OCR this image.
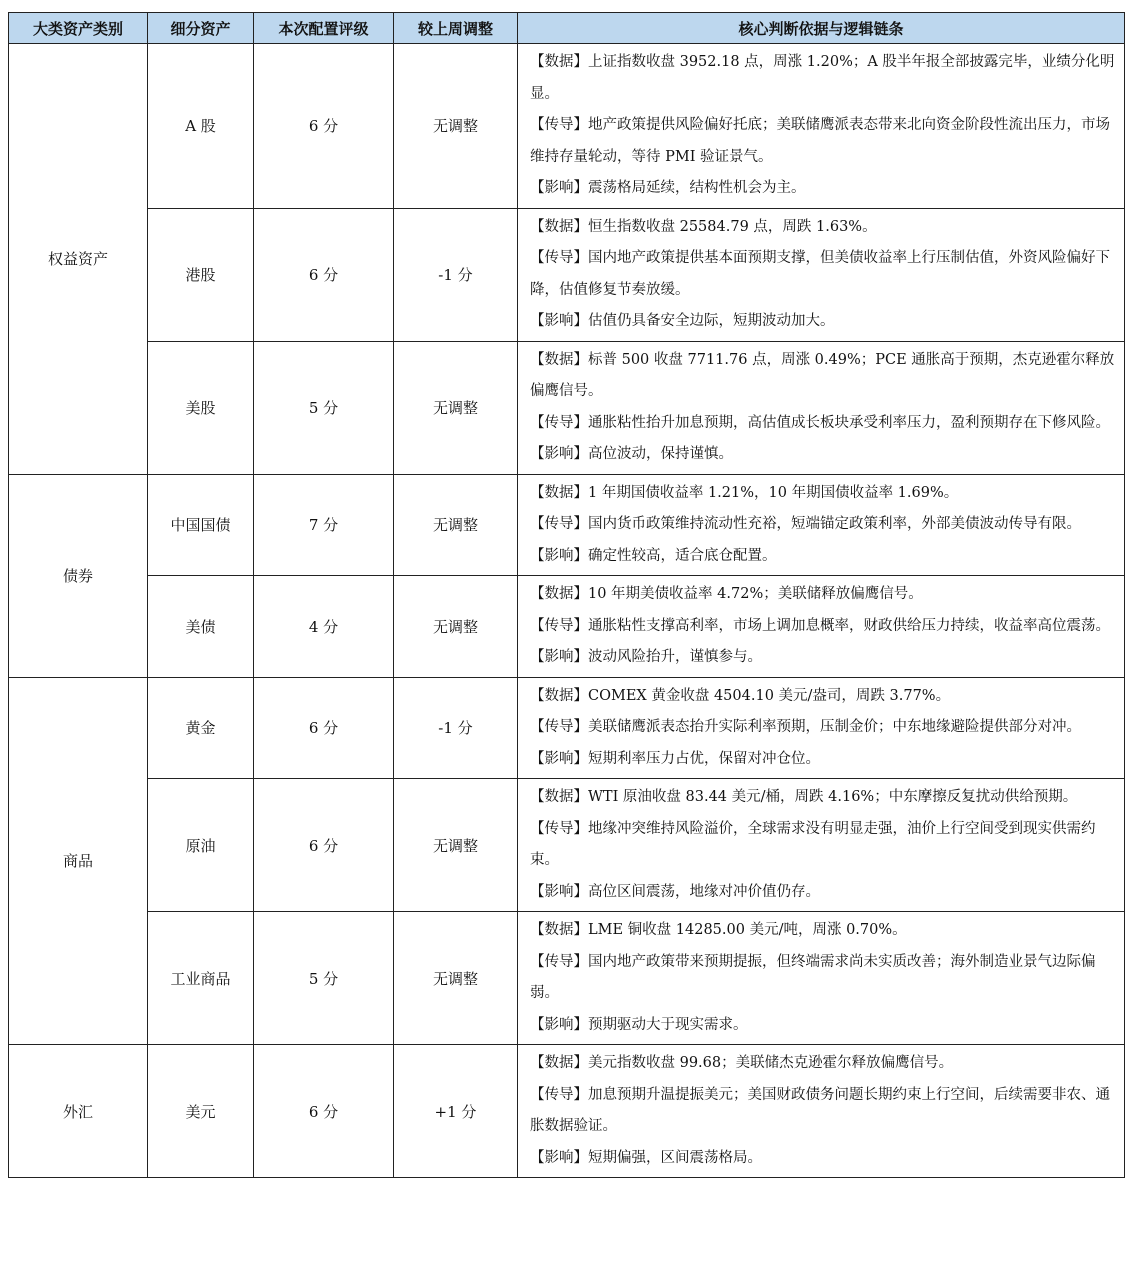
大类资产类别	细分资产	本次配置评级	较上周调整	核心判断依据与逻辑链条
权益资产	A 股	6 分	无调整	【数据】上证指数收盘 3952.18 点，周涨 1.20%；A 股半年报全部披露完毕，业绩分化明显。
【传导】地产政策提供风险偏好托底；美联储鹰派表态带来北向资金阶段性流出压力，市场维持存量轮动，等待 PMI 验证景气。
【影响】震荡格局延续，结构性机会为主。

	港股	6 分	-1 分	【数据】恒生指数收盘 25584.79 点，周跌 1.63%。
【传导】国内地产政策提供基本面预期支撑，但美债收益率上行压制估值，外资风险偏好下降，估值修复节奏放缓。
【影响】估值仍具备安全边际，短期波动加大。

	美股	5 分	无调整	【数据】标普 500 收盘 7711.76 点，周涨 0.49%；PCE 通胀高于预期，杰克逊霍尔释放偏鹰信号。
【传导】通胀粘性抬升加息预期，高估值成长板块承受利率压力，盈利预期存在下修风险。
【影响】高位波动，保持谨慎。

债券	中国国债	7 分	无调整	【数据】1 年期国债收益率 1.21%，10 年期国债收益率 1.69%。
【传导】国内货币政策维持流动性充裕，短端锚定政策利率，外部美债波动传导有限。
【影响】确定性较高，适合底仓配置。

	美债	4 分	无调整	【数据】10 年期美债收益率 4.72%；美联储释放偏鹰信号。
【传导】通胀粘性支撑高利率，市场上调加息概率，财政供给压力持续，收益率高位震荡。
【影响】波动风险抬升，谨慎参与。

商品	黄金	6 分	-1 分	【数据】COMEX 黄金收盘 4504.10 美元/盎司，周跌 3.77%。
【传导】美联储鹰派表态抬升实际利率预期，压制金价；中东地缘避险提供部分对冲。
【影响】短期利率压力占优，保留对冲仓位。

	原油	6 分	无调整	【数据】WTI 原油收盘 83.44 美元/桶，周跌 4.16%；中东摩擦反复扰动供给预期。
【传导】地缘冲突维持风险溢价，全球需求没有明显走强，油价上行空间受到现实供需约束。
【影响】高位区间震荡，地缘对冲价值仍存。

	工业商品	5 分	无调整	【数据】LME 铜收盘 14285.00 美元/吨，周涨 0.70%。
【传导】国内地产政策带来预期提振，但终端需求尚未实质改善；海外制造业景气边际偏弱。
【影响】预期驱动大于现实需求。

外汇	美元	6 分	+1 分	【数据】美元指数收盘 99.68；美联储杰克逊霍尔释放偏鹰信号。
【传导】加息预期升温提振美元；美国财政债务问题长期约束上行空间，后续需要非农、通胀数据验证。
【影响】短期偏强，区间震荡格局。
